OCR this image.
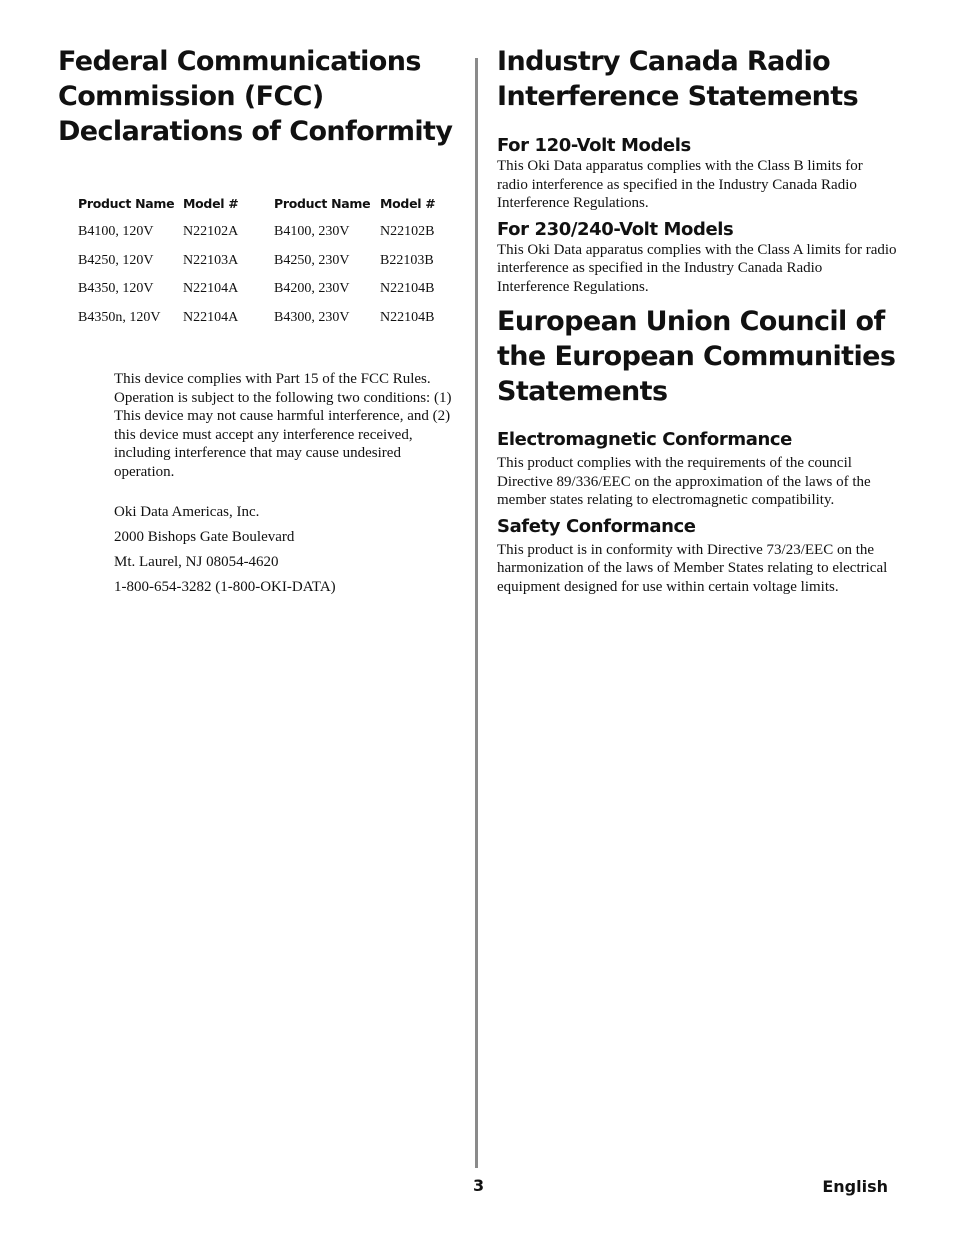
Federal Communications Commission (FCC) Declarations of Conformity
Product Name	Model #	Product Name	Model #
B4100, 120V	N22102A	B4100, 230V	N22102B
B4250, 120V	N22103A	B4250, 230V	B22103B
B4350, 120V	N22104A	B4200, 230V	N22104B
B4350n, 120V	N22104A	B4300, 230V	N22104B

This device complies with Part 15 of the FCC Rules. Operation is subject to the following two conditions: (1) This device may not cause harmful interference, and (2) this device must accept any interference received, including interference that may cause undesired operation.

Oki Data Americas, Inc.

2000 Bishops Gate Boulevard

Mt. Laurel, NJ 08054-4620

1-800-654-3282 (1-800-OKI-DATA)

Industry Canada Radio Interference Statements
For 120-Volt Models

This Oki Data apparatus complies with the Class B limits for radio interference as specified in the Industry Canada Radio Interference Regulations.

For 230/240-Volt Models

This Oki Data apparatus complies with the Class A limits for radio interference as specified in the Industry Canada Radio Interference Regulations.

European Union Council of the European Communities Statements
Electromagnetic Conformance

This product complies with the requirements of the council Directive 89/336/EEC on the approximation of the laws of the member states relating to electromagnetic compatibility.

Safety Conformance

This product is in conformity with Directive 73/23/EEC on the harmonization of the laws of Member States relating to electrical equipment designed for use within certain voltage limits.

3	English
